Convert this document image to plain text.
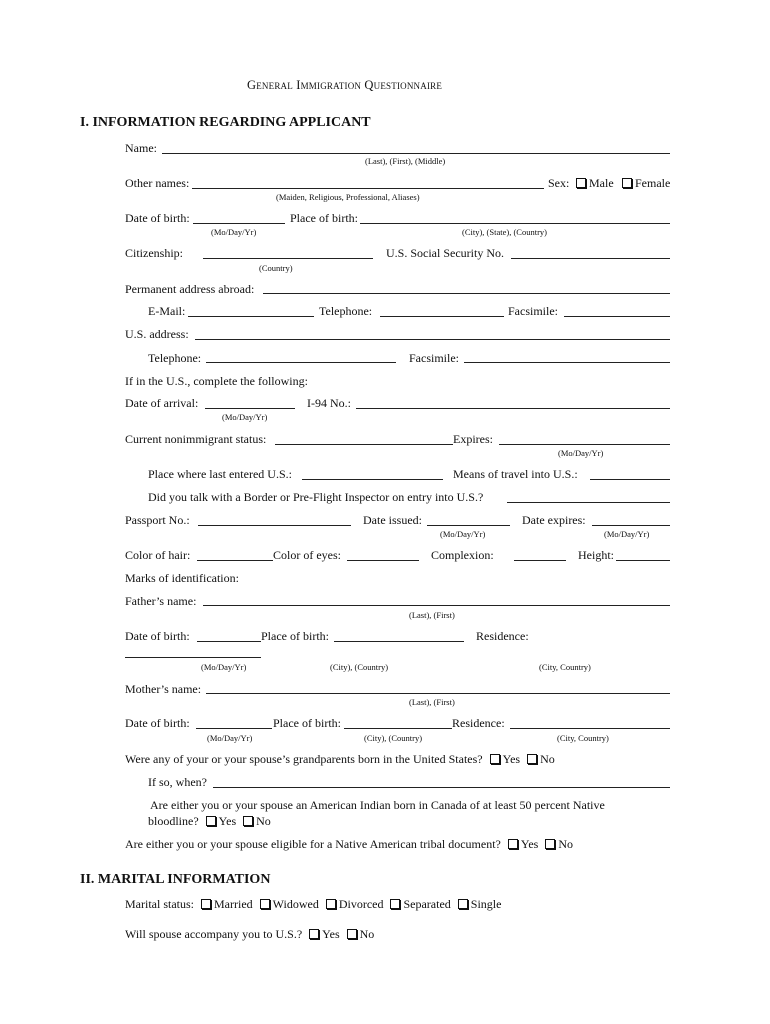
General Immigration Questionnaire
I. INFORMATION REGARDING APPLICANT
Name:
(Last), (First), (Middle)
Other names:
(Maiden, Religious, Professional, Aliases)
Sex:	Male	Female
Date of birth:	Place of birth:
(Mo/Day/Yr)	(City), (State), (Country)
Citizenship:	U.S. Social Security No.
(Country)
Permanent address abroad:
E-Mail:	Telephone:	Facsimile:
U.S. address:
Telephone:	Facsimile:
If in the U.S., complete the following:
Date of arrival:	I-94 No.:
(Mo/Day/Yr)
Current nonimmigrant status:	Expires:
(Mo/Day/Yr)
Place where last entered U.S.:	Means of travel into U.S.:
Did you talk with a Border or Pre-Flight Inspector on entry into U.S.?
Passport No.:	Date issued:	Date expires:
(Mo/Day/Yr)	(Mo/Day/Yr)
Color of hair:	Color of eyes:	Complexion:	Height:
Marks of identification:
Father’s name:
(Last), (First)
Date of birth:	Place of birth:	Residence:
(Mo/Day/Yr)	(City), (Country)	(City, Country)
Mother’s name:
(Last), (First)
Date of birth:	Place of birth:	Residence:
(Mo/Day/Yr)	(City), (Country)	(City, Country)
Were any of your or your spouse’s grandparents born in the United States? Yes No
If so, when?
Are either you or your spouse an American Indian born in Canada of at least 50 percent Native
bloodline? Yes No
Are either you or your spouse eligible for a Native American tribal document? Yes No
II. MARITAL INFORMATION
Marital status: Married Widowed Divorced Separated Single
Will spouse accompany you to U.S.? Yes No
